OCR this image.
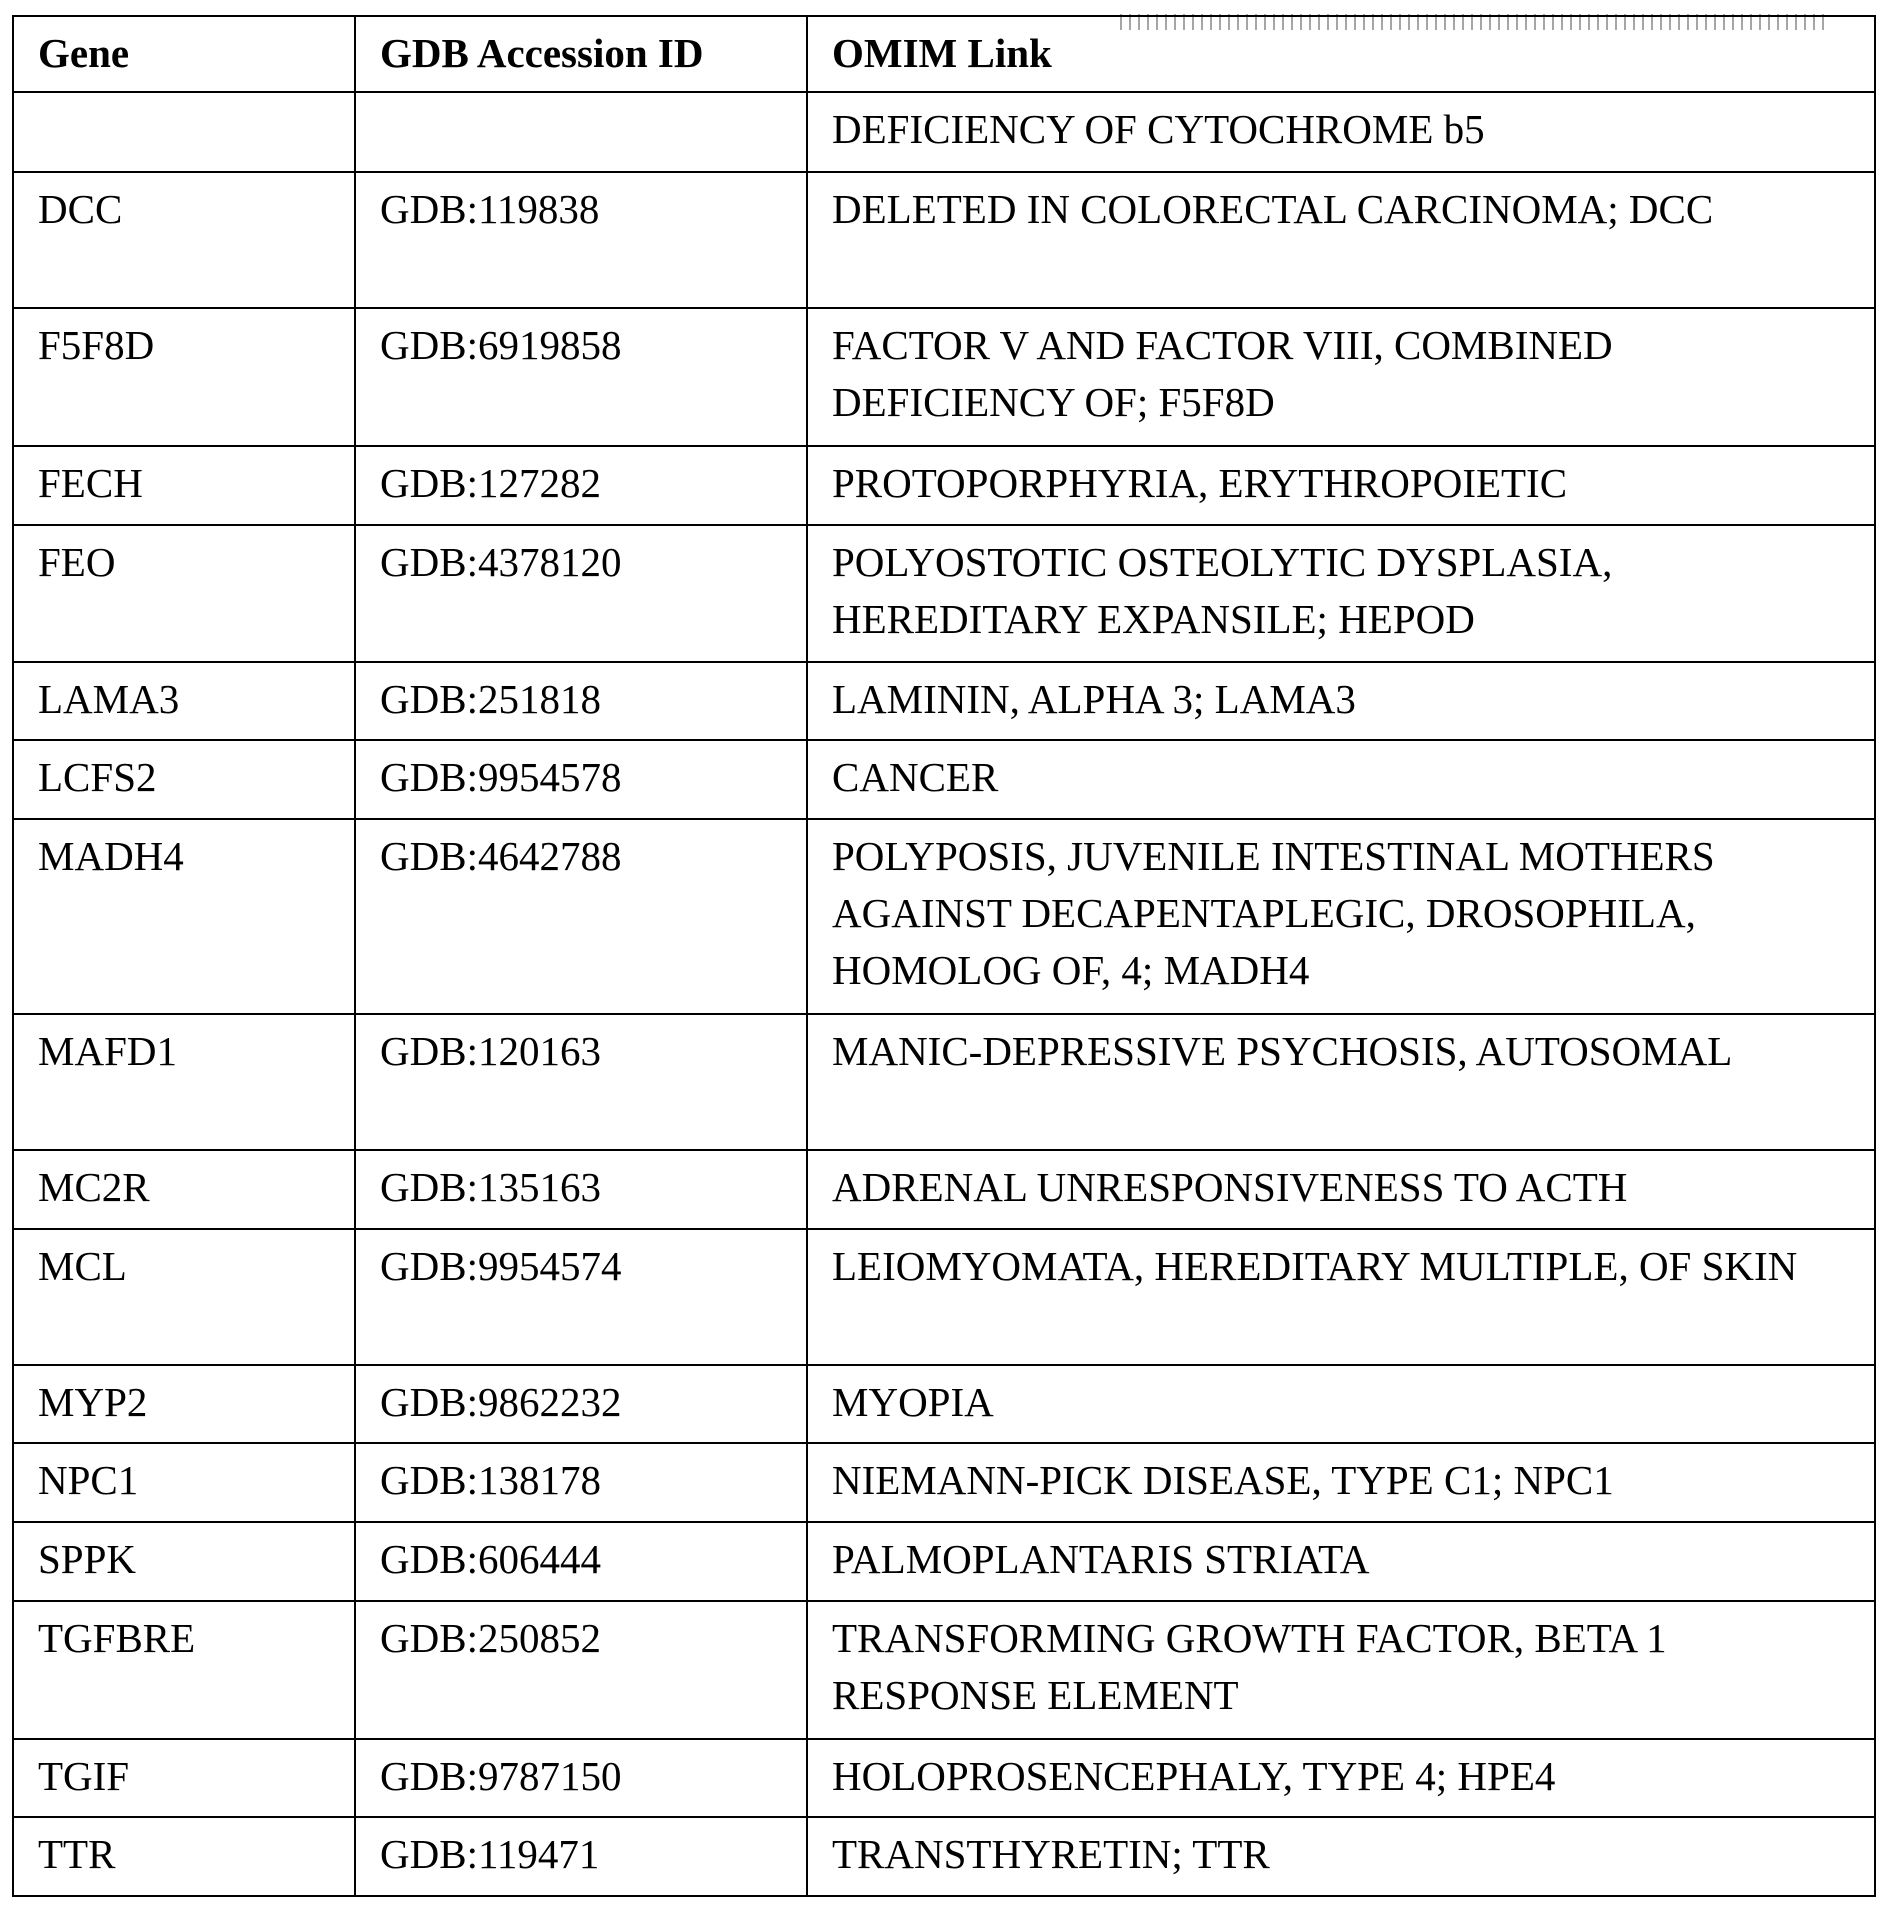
Gene	GDB Accession ID	OMIM Link
		DEFICIENCY OF CYTOCHROME b5
DCC	GDB:119838	DELETED IN COLORECTAL CARCINOMA; DCC
F5F8D	GDB:6919858	FACTOR V AND FACTOR VIII, COMBINED DEFICIENCY OF; F5F8D
FECH	GDB:127282	PROTOPORPHYRIA, ERYTHROPOIETIC
FEO	GDB:4378120	POLYOSTOTIC OSTEOLYTIC DYSPLASIA, HEREDITARY EXPANSILE; HEPOD
LAMA3	GDB:251818	LAMININ, ALPHA 3; LAMA3
LCFS2	GDB:9954578	CANCER
MADH4	GDB:4642788	POLYPOSIS, JUVENILE INTESTINAL MOTHERS AGAINST DECAPENTAPLEGIC, DROSOPHILA, HOMOLOG OF, 4; MADH4
MAFD1	GDB:120163	MANIC-DEPRESSIVE PSYCHOSIS, AUTOSOMAL
MC2R	GDB:135163	ADRENAL UNRESPONSIVENESS TO ACTH
MCL	GDB:9954574	LEIOMYOMATA, HEREDITARY MULTIPLE, OF SKIN
MYP2	GDB:9862232	MYOPIA
NPC1	GDB:138178	NIEMANN-PICK DISEASE, TYPE C1; NPC1
SPPK	GDB:606444	PALMOPLANTARIS STRIATA
TGFBRE	GDB:250852	TRANSFORMING GROWTH FACTOR, BETA 1 RESPONSE ELEMENT
TGIF	GDB:9787150	HOLOPROSENCEPHALY, TYPE 4; HPE4
TTR	GDB:119471	TRANSTHYRETIN; TTR
